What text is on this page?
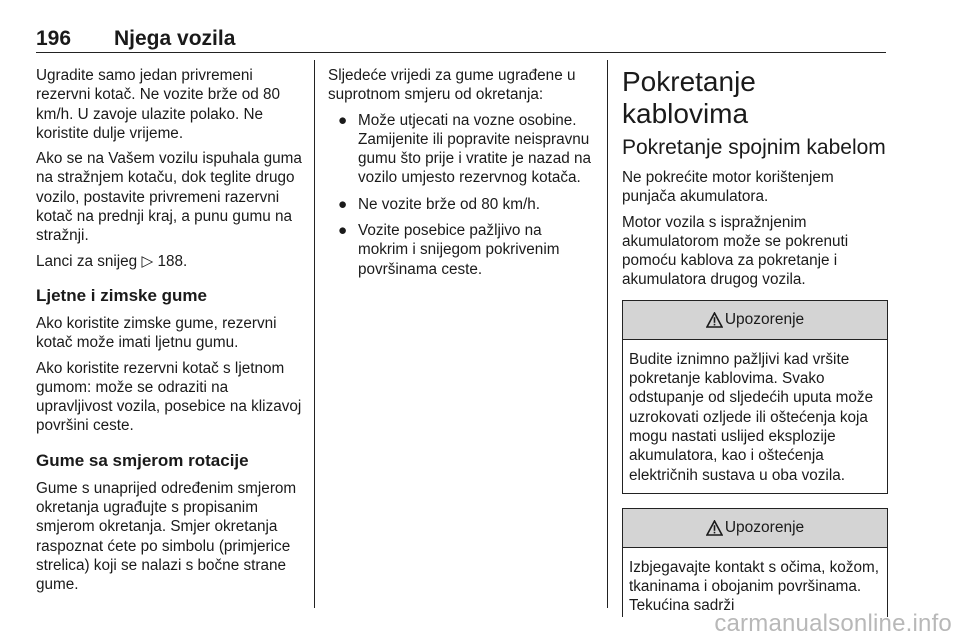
196 Njega vozila

Ugradite samo jedan privremeni rezervni kotač. Ne vozite brže od 80 km/h. U zavoje ulazite polako. Ne koristite dulje vrijeme.

Ako se na Vašem vozilu ispuhala guma na stražnjem kotaču, dok teglite drugo vozilo, postavite privremeni razervni kotač na prednji kraj, a punu gumu na stražnji.

Lanci za snijeg ▷ 188.

Ljetne i zimske gume

Ako koristite zimske gume, rezervni kotač može imati ljetnu gumu.

Ako koristite rezervni kotač s ljetnom gumom: može se odraziti na upravljivost vozila, posebice na klizavoj površini ceste.

Gume sa smjerom rotacije

Gume s unaprijed određenim smjerom okretanja ugrađujte s propisanim smjerom okretanja. Smjer okretanja raspoznat ćete po simbolu (primjerice strelica) koji se nalazi s bočne strane gume.

Sljedeće vrijedi za gume ugrađene u suprotnom smjeru od okretanja:

● Može utjecati na vozne osobine. Zamijenite ili popravite neispravnu gumu što prije i vratite je nazad na vozilo umjesto rezervnog kotača.
● Ne vozite brže od 80 km/h.
● Vozite posebice pažljivo na mokrim i snijegom pokrivenim površinama ceste.
Pokretanje kablovima
Pokretanje spojnim kabelom

Ne pokrećite motor korištenjem punjača akumulatora.

Motor vozila s ispražnjenim akumulatorom može se pokrenuti pomoću kablova za pokretanje i akumulatora drugog vozila.

Upozorenje
Budite iznimno pažljivi kad vršite pokretanje kablovima. Svako odstupanje od sljedećih uputa može uzrokovati ozljede ili oštećenja koja mogu nastati uslijed eksplozije akumulatora, kao i oštećenja električnih sustava u oba vozila.
Upozorenje
Izbjegavajte kontakt s očima, kožom, tkaninama i obojanim površinama. Tekućina sadrži
carmanualsonline.info
